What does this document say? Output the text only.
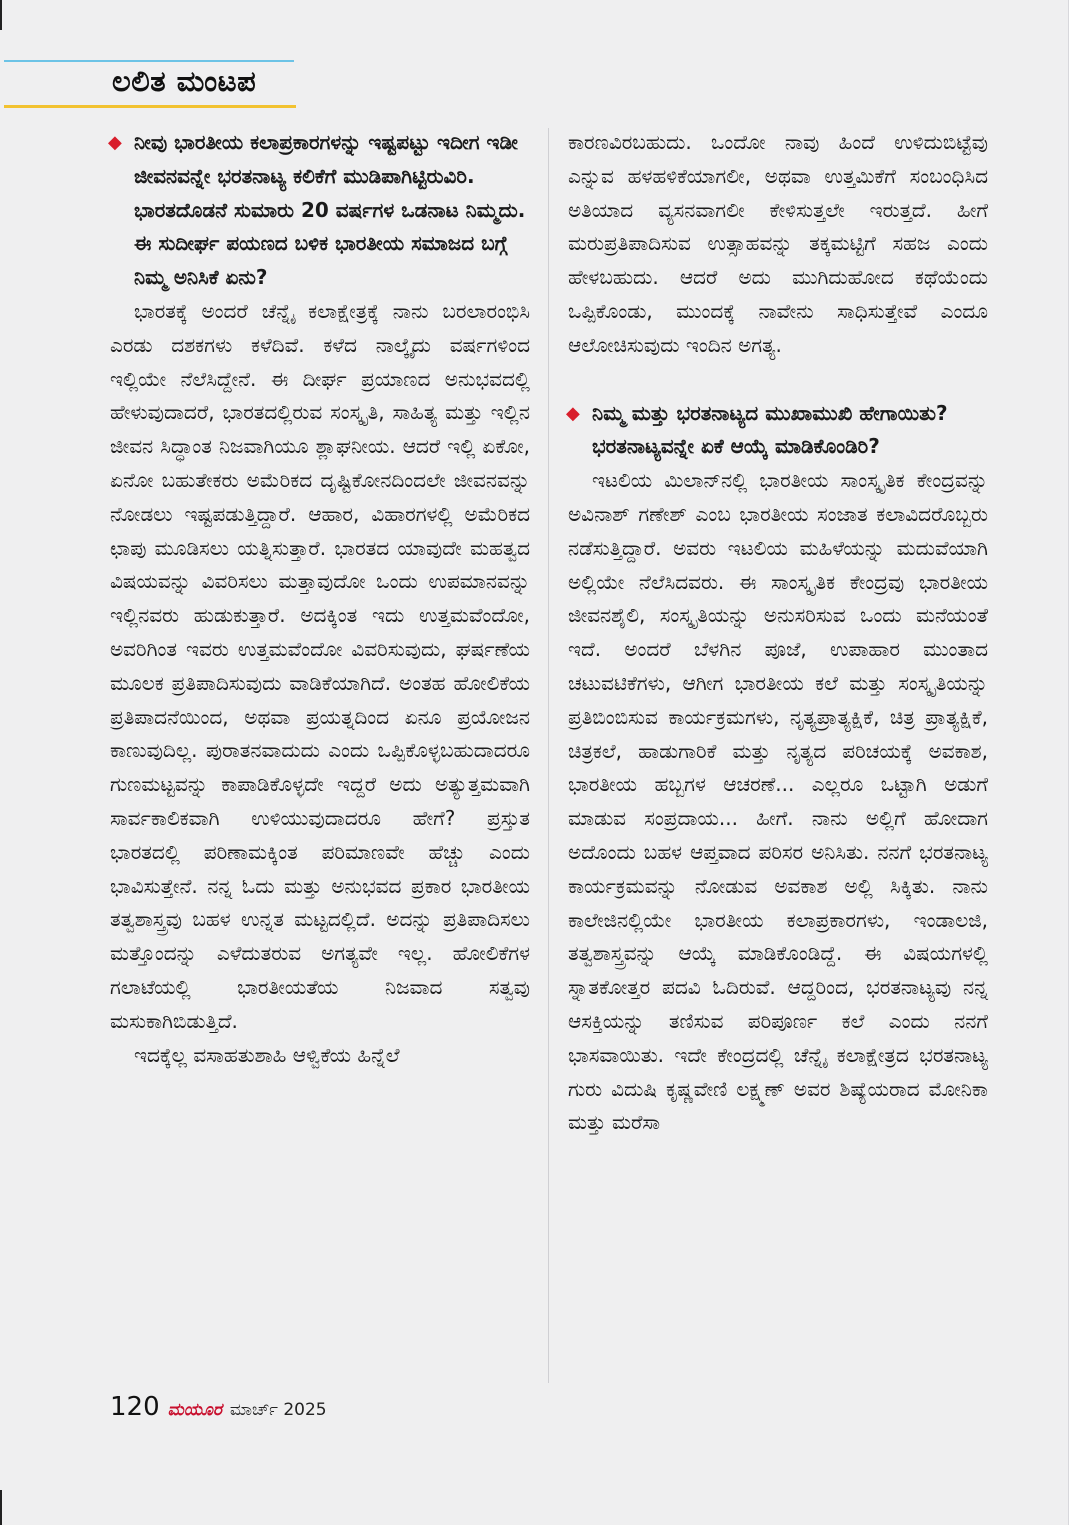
ಲಲಿತ ಮಂಟಪ

◆ ನೀವು ಭಾರತೀಯ ಕಲಾಪ್ರಕಾರಗಳನ್ನು ಇಷ್ಟಪಟ್ಟು ಇದೀಗ ಇಡೀ ಜೀವನವನ್ನೇ ಭರತನಾಟ್ಯ ಕಲಿಕೆಗೆ ಮುಡಿಪಾಗಿಟ್ಟಿರುವಿರಿ. ಭಾರತದೊಡನೆ ಸುಮಾರು 20 ವರ್ಷಗಳ ಒಡನಾಟ ನಿಮ್ಮದು. ಈ ಸುದೀರ್ಘ ಪಯಣದ ಬಳಿಕ ಭಾರತೀಯ ಸಮಾಜದ ಬಗ್ಗೆ ನಿಮ್ಮ ಅನಿಸಿಕೆ ಏನು?

ಭಾರತಕ್ಕೆ ಅಂದರೆ ಚೆನ್ನೈ ಕಲಾಕ್ಷೇತ್ರಕ್ಕೆ ನಾನು ಬರಲಾರಂಭಿಸಿ ಎರಡು ದಶಕಗಳು ಕಳೆದಿವೆ. ಕಳೆದ ನಾಲ್ಕೈದು ವರ್ಷಗಳಿಂದ ಇಲ್ಲಿಯೇ ನೆಲೆಸಿದ್ದೇನೆ. ಈ ದೀರ್ಘ ಪ್ರಯಾಣದ ಅನುಭವದಲ್ಲಿ ಹೇಳುವುದಾದರೆ, ಭಾರತದಲ್ಲಿರುವ ಸಂಸ್ಕೃತಿ, ಸಾಹಿತ್ಯ ಮತ್ತು ಇಲ್ಲಿನ ಜೀವನ ಸಿದ್ಧಾಂತ ನಿಜವಾಗಿಯೂ ಶ್ಲಾಘನೀಯ. ಆದರೆ ಇಲ್ಲಿ ಏಕೋ, ಏನೋ ಬಹುತೇಕರು ಅಮೆರಿಕದ ದೃಷ್ಟಿಕೋನದಿಂದಲೇ ಜೀವನವನ್ನು ನೋಡಲು ಇಷ್ಟಪಡುತ್ತಿದ್ದಾರೆ. ಆಹಾರ, ವಿಹಾರಗಳಲ್ಲಿ ಅಮೆರಿಕದ ಛಾಪು ಮೂಡಿಸಲು ಯತ್ನಿಸುತ್ತಾರೆ. ಭಾರತದ ಯಾವುದೇ ಮಹತ್ವದ ವಿಷಯವನ್ನು ವಿವರಿಸಲು ಮತ್ತಾವುದೋ ಒಂದು ಉಪಮಾನವನ್ನು ಇಲ್ಲಿನವರು ಹುಡುಕುತ್ತಾರೆ. ಅದಕ್ಕಿಂತ ಇದು ಉತ್ತಮವೆಂದೋ, ಅವರಿಗಿಂತ ಇವರು ಉತ್ತಮವೆಂದೋ ವಿವರಿಸುವುದು, ಘರ್ಷಣೆಯ ಮೂಲಕ ಪ್ರತಿಪಾದಿಸುವುದು ವಾಡಿಕೆಯಾಗಿದೆ. ಅಂತಹ ಹೋಲಿಕೆಯ ಪ್ರತಿಪಾದನೆಯಿಂದ, ಅಥವಾ ಪ್ರಯತ್ನದಿಂದ ಏನೂ ಪ್ರಯೋಜನ ಕಾಣುವುದಿಲ್ಲ. ಪುರಾತನವಾದುದು ಎಂದು ಒಪ್ಪಿಕೊಳ್ಳಬಹುದಾದರೂ ಗುಣಮಟ್ಟವನ್ನು ಕಾಪಾಡಿಕೊಳ್ಳದೇ ಇದ್ದರೆ ಅದು ಅತ್ಯುತ್ತಮವಾಗಿ ಸಾರ್ವಕಾಲಿಕವಾಗಿ ಉಳಿಯುವುದಾದರೂ ಹೇಗೆ? ಪ್ರಸ್ತುತ ಭಾರತದಲ್ಲಿ ಪರಿಣಾಮಕ್ಕಿಂತ ಪರಿಮಾಣವೇ ಹೆಚ್ಚು ಎಂದು ಭಾವಿಸುತ್ತೇನೆ. ನನ್ನ ಓದು ಮತ್ತು ಅನುಭವದ ಪ್ರಕಾರ ಭಾರತೀಯ ತತ್ವಶಾಸ್ತ್ರವು ಬಹಳ ಉನ್ನತ ಮಟ್ಟದಲ್ಲಿದೆ. ಅದನ್ನು ಪ್ರತಿಪಾದಿಸಲು ಮತ್ತೊಂದನ್ನು ಎಳೆದುತರುವ ಅಗತ್ಯವೇ ಇಲ್ಲ. ಹೋಲಿಕೆಗಳ ಗಲಾಟೆಯಲ್ಲಿ ಭಾರತೀಯತೆಯ ನಿಜವಾದ ಸತ್ವವು ಮಸುಕಾಗಿಬಿಡುತ್ತಿದೆ.

ಇದಕ್ಕೆಲ್ಲ ವಸಾಹತುಶಾಹಿ ಆಳ್ವಿಕೆಯ ಹಿನ್ನೆಲೆ

ಕಾರಣವಿರಬಹುದು. ಒಂದೋ ನಾವು ಹಿಂದೆ ಉಳಿದುಬಿಟ್ಟೆವು ಎನ್ನುವ ಹಳಹಳಿಕೆಯಾಗಲೀ, ಅಥವಾ ಉತ್ತಮಿಕೆಗೆ ಸಂಬಂಧಿಸಿದ ಅತಿಯಾದ ವ್ಯಸನವಾಗಲೀ ಕೇಳಿಸುತ್ತಲೇ ಇರುತ್ತದೆ. ಹೀಗೆ ಮರುಪ್ರತಿಪಾದಿಸುವ ಉತ್ಸಾಹವನ್ನು ತಕ್ಕಮಟ್ಟಿಗೆ ಸಹಜ ಎಂದು ಹೇಳಬಹುದು. ಆದರೆ ಅದು ಮುಗಿದುಹೋದ ಕಥೆಯೆಂದು ಒಪ್ಪಿಕೊಂಡು, ಮುಂದಕ್ಕೆ ನಾವೇನು ಸಾಧಿಸುತ್ತೇವೆ ಎಂದೂ ಆಲೋಚಿಸುವುದು ಇಂದಿನ ಅಗತ್ಯ.

◆ ನಿಮ್ಮ ಮತ್ತು ಭರತನಾಟ್ಯದ ಮುಖಾಮುಖಿ ಹೇಗಾಯಿತು? ಭರತನಾಟ್ಯವನ್ನೇ ಏಕೆ ಆಯ್ಕೆ ಮಾಡಿಕೊಂಡಿರಿ?

ಇಟಲಿಯ ಮಿಲಾನ್‌ನಲ್ಲಿ ಭಾರತೀಯ ಸಾಂಸ್ಕೃತಿಕ ಕೇಂದ್ರವನ್ನು ಅವಿನಾಶ್ ಗಣೇಶ್ ಎಂಬ ಭಾರತೀಯ ಸಂಜಾತ ಕಲಾವಿದರೊಬ್ಬರು ನಡೆಸುತ್ತಿದ್ದಾರೆ. ಅವರು ಇಟಲಿಯ ಮಹಿಳೆಯನ್ನು ಮದುವೆಯಾಗಿ ಅಲ್ಲಿಯೇ ನೆಲೆಸಿದವರು. ಈ ಸಾಂಸ್ಕೃತಿಕ ಕೇಂದ್ರವು ಭಾರತೀಯ ಜೀವನಶೈಲಿ, ಸಂಸ್ಕೃತಿಯನ್ನು ಅನುಸರಿಸುವ ಒಂದು ಮನೆಯಂತೆ ಇದೆ. ಅಂದರೆ ಬೆಳಗಿನ ಪೂಜೆ, ಉಪಾಹಾರ ಮುಂತಾದ ಚಟುವಟಿಕೆಗಳು, ಆಗೀಗ ಭಾರತೀಯ ಕಲೆ ಮತ್ತು ಸಂಸ್ಕೃತಿಯನ್ನು ಪ್ರತಿಬಿಂಬಿಸುವ ಕಾರ್ಯಕ್ರಮಗಳು, ನೃತ್ಯಪ್ರಾತ್ಯಕ್ಷಿಕೆ, ಚಿತ್ರ ಪ್ರಾತ್ಯಕ್ಷಿಕೆ, ಚಿತ್ರಕಲೆ, ಹಾಡುಗಾರಿಕೆ ಮತ್ತು ನೃತ್ಯದ ಪರಿಚಯಕ್ಕೆ ಅವಕಾಶ, ಭಾರತೀಯ ಹಬ್ಬಗಳ ಆಚರಣೆ... ಎಲ್ಲರೂ ಒಟ್ಟಾಗಿ ಅಡುಗೆ ಮಾಡುವ ಸಂಪ್ರದಾಯ... ಹೀಗೆ. ನಾನು ಅಲ್ಲಿಗೆ ಹೋದಾಗ ಅದೊಂದು ಬಹಳ ಆಪ್ತವಾದ ಪರಿಸರ ಅನಿಸಿತು. ನನಗೆ ಭರತನಾಟ್ಯ ಕಾರ್ಯಕ್ರಮವನ್ನು ನೋಡುವ ಅವಕಾಶ ಅಲ್ಲಿ ಸಿಕ್ಕಿತು. ನಾನು ಕಾಲೇಜಿನಲ್ಲಿಯೇ ಭಾರತೀಯ ಕಲಾಪ್ರಕಾರಗಳು, ಇಂಡಾಲಜಿ, ತತ್ವಶಾಸ್ತ್ರವನ್ನು ಆಯ್ಕೆ ಮಾಡಿಕೊಂಡಿದ್ದೆ. ಈ ವಿಷಯಗಳಲ್ಲಿ ಸ್ನಾತಕೋತ್ತರ ಪದವಿ ಓದಿರುವೆ. ಆದ್ದರಿಂದ, ಭರತನಾಟ್ಯವು ನನ್ನ ಆಸಕ್ತಿಯನ್ನು ತಣಿಸುವ ಪರಿಪೂರ್ಣ ಕಲೆ ಎಂದು ನನಗೆ ಭಾಸವಾಯಿತು. ಇದೇ ಕೇಂದ್ರದಲ್ಲಿ ಚೆನ್ನೈ ಕಲಾಕ್ಷೇತ್ರದ ಭರತನಾಟ್ಯ ಗುರು ವಿದುಷಿ ಕೃಷ್ಣವೇಣಿ ಲಕ್ಷ್ಮಣ್ ಅವರ ಶಿಷ್ಯೆಯರಾದ ಮೋನಿಕಾ ಮತ್ತು ಮರೆಸಾ

120 ಮಯೂರ ಮಾರ್ಚ್ 2025
